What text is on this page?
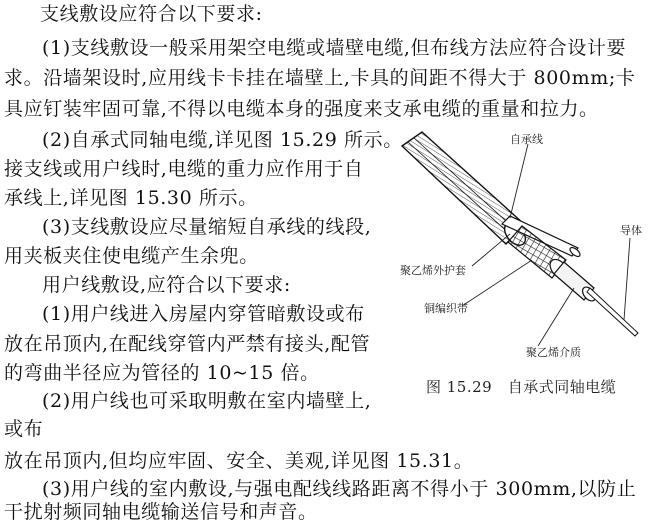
支线敷设应符合以下要求:
(1)支线敷设一般采用架空电缆或墙壁电缆,但布线方法应符合设计要
求。沿墙架设时,应用线卡卡挂在墙壁上,卡具的间距不得大于 800mm;卡
具应钉装牢固可靠,不得以电缆本身的强度来支承电缆的重量和拉力。
(2)自承式同轴电缆,详见图 15.29 所示。
接支线或用户线时,电缆的重力应作用于自
承线上,详见图 15.30 所示。
(3)支线敷设应尽量缩短自承线的线段,
用夹板夹住使电缆产生余兜。
用户线敷设,应符合以下要求:
(1)用户线进入房屋内穿管暗敷设或布
放在吊顶内,在配线穿管内严禁有接头,配管
的弯曲半径应为管径的 10~15 倍。
(2)用户线也可采取明敷在室内墙壁上,
或布
放在吊顶内,但均应牢固、安全、美观,详见图 15.31。
(3)用户线的室内敷设,与强电配线线路距离不得小于 300mm,以防止
干扰射频同轴电缆输送信号和声音。
自承线
导体
聚乙烯外护套
铜编织带
聚乙烯介质
图 15.29　自承式同轴电缆
